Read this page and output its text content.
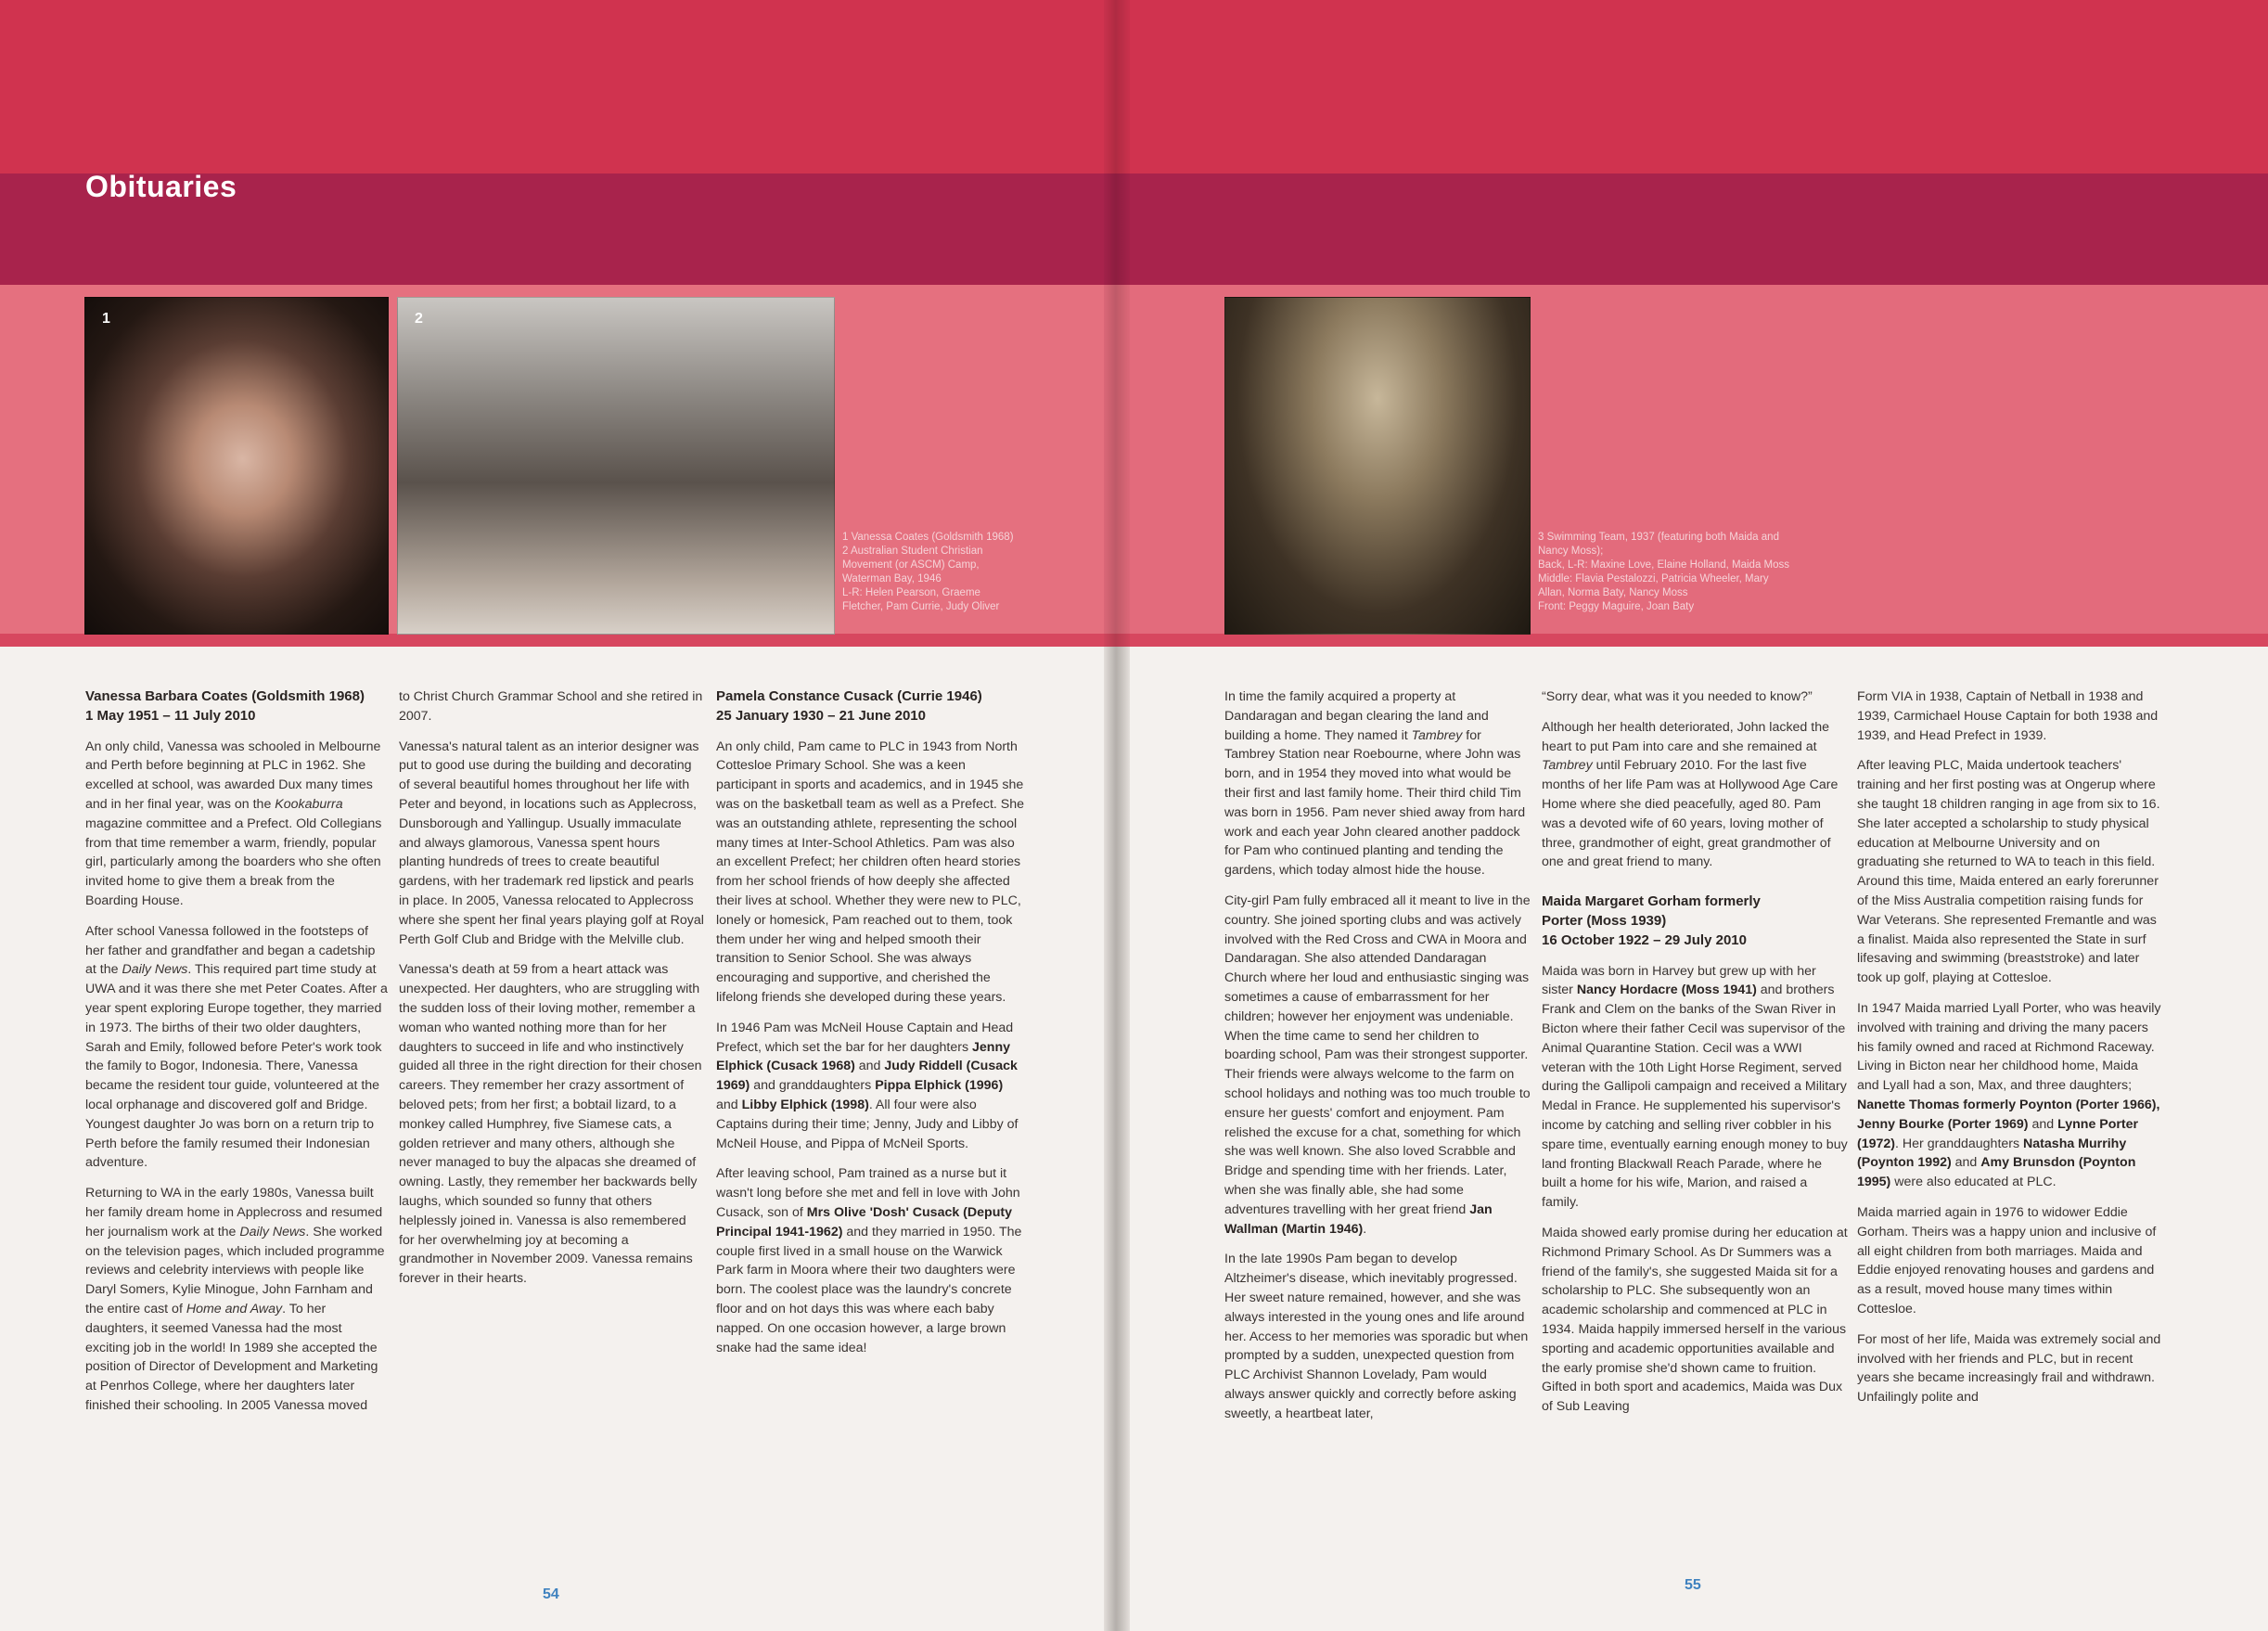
Obituaries
1	2
1 Vanessa Coates (Goldsmith 1968)
2 Australian Student Christian
Movement (or ASCM) Camp,
Waterman Bay, 1946
L-R: Helen Pearson, Graeme
Fletcher, Pam Currie, Judy Oliver
3 Swimming Team, 1937 (featuring both Maida and
Nancy Moss);
Back, L-R: Maxine Love, Elaine Holland, Maida Moss
Middle: Flavia Pestalozzi, Patricia Wheeler, Mary
Allan, Norma Baty, Nancy Moss
Front: Peggy Maguire, Joan Baty
Vanessa Barbara Coates (Goldsmith 1968)
1 May 1951 – 11 July 2010

An only child, Vanessa was schooled in Melbourne and Perth before beginning at PLC in 1962. She excelled at school, was awarded Dux many times and in her final year, was on the Kookaburra magazine committee and a Prefect. Old Collegians from that time remember a warm, friendly, popular girl, particularly among the boarders who she often invited home to give them a break from the Boarding House.

After school Vanessa followed in the footsteps of her father and grandfather and began a cadetship at the Daily News. This required part time study at UWA and it was there she met Peter Coates. After a year spent exploring Europe together, they married in 1973. The births of their two older daughters, Sarah and Emily, followed before Peter's work took the family to Bogor, Indonesia. There, Vanessa became the resident tour guide, volunteered at the local orphanage and discovered golf and Bridge. Youngest daughter Jo was born on a return trip to Perth before the family resumed their Indonesian adventure.

Returning to WA in the early 1980s, Vanessa built her family dream home in Applecross and resumed her journalism work at the Daily News. She worked on the television pages, which included programme reviews and celebrity interviews with people like Daryl Somers, Kylie Minogue, John Farnham and the entire cast of Home and Away. To her daughters, it seemed Vanessa had the most exciting job in the world! In 1989 she accepted the position of Director of Development and Marketing at Penrhos College, where her daughters later finished their schooling. In 2005 Vanessa moved

to Christ Church Grammar School and she retired in 2007.

Vanessa's natural talent as an interior designer was put to good use during the building and decorating of several beautiful homes throughout her life with Peter and beyond, in locations such as Applecross, Dunsborough and Yallingup. Usually immaculate and always glamorous, Vanessa spent hours planting hundreds of trees to create beautiful gardens, with her trademark red lipstick and pearls in place. In 2005, Vanessa relocated to Applecross where she spent her final years playing golf at Royal Perth Golf Club and Bridge with the Melville club.

Vanessa's death at 59 from a heart attack was unexpected. Her daughters, who are struggling with the sudden loss of their loving mother, remember a woman who wanted nothing more than for her daughters to succeed in life and who instinctively guided all three in the right direction for their chosen careers. They remember her crazy assortment of beloved pets; from her first; a bobtail lizard, to a monkey called Humphrey, five Siamese cats, a golden retriever and many others, although she never managed to buy the alpacas she dreamed of owning. Lastly, they remember her backwards belly laughs, which sounded so funny that others helplessly joined in. Vanessa is also remembered for her overwhelming joy at becoming a grandmother in November 2009. Vanessa remains forever in their hearts.

Pamela Constance Cusack (Currie 1946)
25 January 1930 – 21 June 2010

An only child, Pam came to PLC in 1943 from North Cottesloe Primary School. She was a keen participant in sports and academics, and in 1945 she was on the basketball team as well as a Prefect. She was an outstanding athlete, representing the school many times at Inter-School Athletics. Pam was also an excellent Prefect; her children often heard stories from her school friends of how deeply she affected their lives at school. Whether they were new to PLC, lonely or homesick, Pam reached out to them, took them under her wing and helped smooth their transition to Senior School. She was always encouraging and supportive, and cherished the lifelong friends she developed during these years.

In 1946 Pam was McNeil House Captain and Head Prefect, which set the bar for her daughters Jenny Elphick (Cusack 1968) and Judy Riddell (Cusack 1969) and granddaughters Pippa Elphick (1996) and Libby Elphick (1998). All four were also Captains during their time; Jenny, Judy and Libby of McNeil House, and Pippa of McNeil Sports.

After leaving school, Pam trained as a nurse but it wasn't long before she met and fell in love with John Cusack, son of Mrs Olive 'Dosh' Cusack (Deputy Principal 1941-1962) and they married in 1950. The couple first lived in a small house on the Warwick Park farm in Moora where their two daughters were born. The coolest place was the laundry's concrete floor and on hot days this was where each baby napped. On one occasion however, a large brown snake had the same idea!

In time the family acquired a property at Dandaragan and began clearing the land and building a home. They named it Tambrey for Tambrey Station near Roebourne, where John was born, and in 1954 they moved into what would be their first and last family home. Their third child Tim was born in 1956. Pam never shied away from hard work and each year John cleared another paddock for Pam who continued planting and tending the gardens, which today almost hide the house.

City-girl Pam fully embraced all it meant to live in the country. She joined sporting clubs and was actively involved with the Red Cross and CWA in Moora and Dandaragan. She also attended Dandaragan Church where her loud and enthusiastic singing was sometimes a cause of embarrassment for her children; however her enjoyment was undeniable. When the time came to send her children to boarding school, Pam was their strongest supporter. Their friends were always welcome to the farm on school holidays and nothing was too much trouble to ensure her guests' comfort and enjoyment. Pam relished the excuse for a chat, something for which she was well known. She also loved Scrabble and Bridge and spending time with her friends. Later, when she was finally able, she had some adventures travelling with her great friend Jan Wallman (Martin 1946).

In the late 1990s Pam began to develop Altzheimer's disease, which inevitably progressed. Her sweet nature remained, however, and she was always interested in the young ones and life around her. Access to her memories was sporadic but when prompted by a sudden, unexpected question from PLC Archivist Shannon Lovelady, Pam would always answer quickly and correctly before asking sweetly, a heartbeat later,

“Sorry dear, what was it you needed to know?”

Although her health deteriorated, John lacked the heart to put Pam into care and she remained at Tambrey until February 2010. For the last five months of her life Pam was at Hollywood Age Care Home where she died peacefully, aged 80. Pam was a devoted wife of 60 years, loving mother of three, grandmother of eight, great grandmother of one and great friend to many.

Maida Margaret Gorham formerly
Porter (Moss 1939)
16 October 1922 – 29 July 2010

Maida was born in Harvey but grew up with her sister Nancy Hordacre (Moss 1941) and brothers Frank and Clem on the banks of the Swan River in Bicton where their father Cecil was supervisor of the Animal Quarantine Station. Cecil was a WWI veteran with the 10th Light Horse Regiment, served during the Gallipoli campaign and received a Military Medal in France. He supplemented his supervisor's income by catching and selling river cobbler in his spare time, eventually earning enough money to buy land fronting Blackwall Reach Parade, where he built a home for his wife, Marion, and raised a family.

Maida showed early promise during her education at Richmond Primary School. As Dr Summers was a friend of the family's, she suggested Maida sit for a scholarship to PLC. She subsequently won an academic scholarship and commenced at PLC in 1934. Maida happily immersed herself in the various sporting and academic opportunities available and the early promise she'd shown came to fruition. Gifted in both sport and academics, Maida was Dux of Sub Leaving

Form VIA in 1938, Captain of Netball in 1938 and 1939, Carmichael House Captain for both 1938 and 1939, and Head Prefect in 1939.

After leaving PLC, Maida undertook teachers' training and her first posting was at Ongerup where she taught 18 children ranging in age from six to 16. She later accepted a scholarship to study physical education at Melbourne University and on graduating she returned to WA to teach in this field. Around this time, Maida entered an early forerunner of the Miss Australia competition raising funds for War Veterans. She represented Fremantle and was a finalist. Maida also represented the State in surf lifesaving and swimming (breaststroke) and later took up golf, playing at Cottesloe.

In 1947 Maida married Lyall Porter, who was heavily involved with training and driving the many pacers his family owned and raced at Richmond Raceway. Living in Bicton near her childhood home, Maida and Lyall had a son, Max, and three daughters; Nanette Thomas formerly Poynton (Porter 1966), Jenny Bourke (Porter 1969) and Lynne Porter (1972). Her granddaughters Natasha Murrihy (Poynton 1992) and Amy Brunsdon (Poynton 1995) were also educated at PLC.

Maida married again in 1976 to widower Eddie Gorham. Theirs was a happy union and inclusive of all eight children from both marriages. Maida and Eddie enjoyed renovating houses and gardens and as a result, moved house many times within Cottesloe.

For most of her life, Maida was extremely social and involved with her friends and PLC, but in recent years she became increasingly frail and withdrawn. Unfailingly polite and

54
55
